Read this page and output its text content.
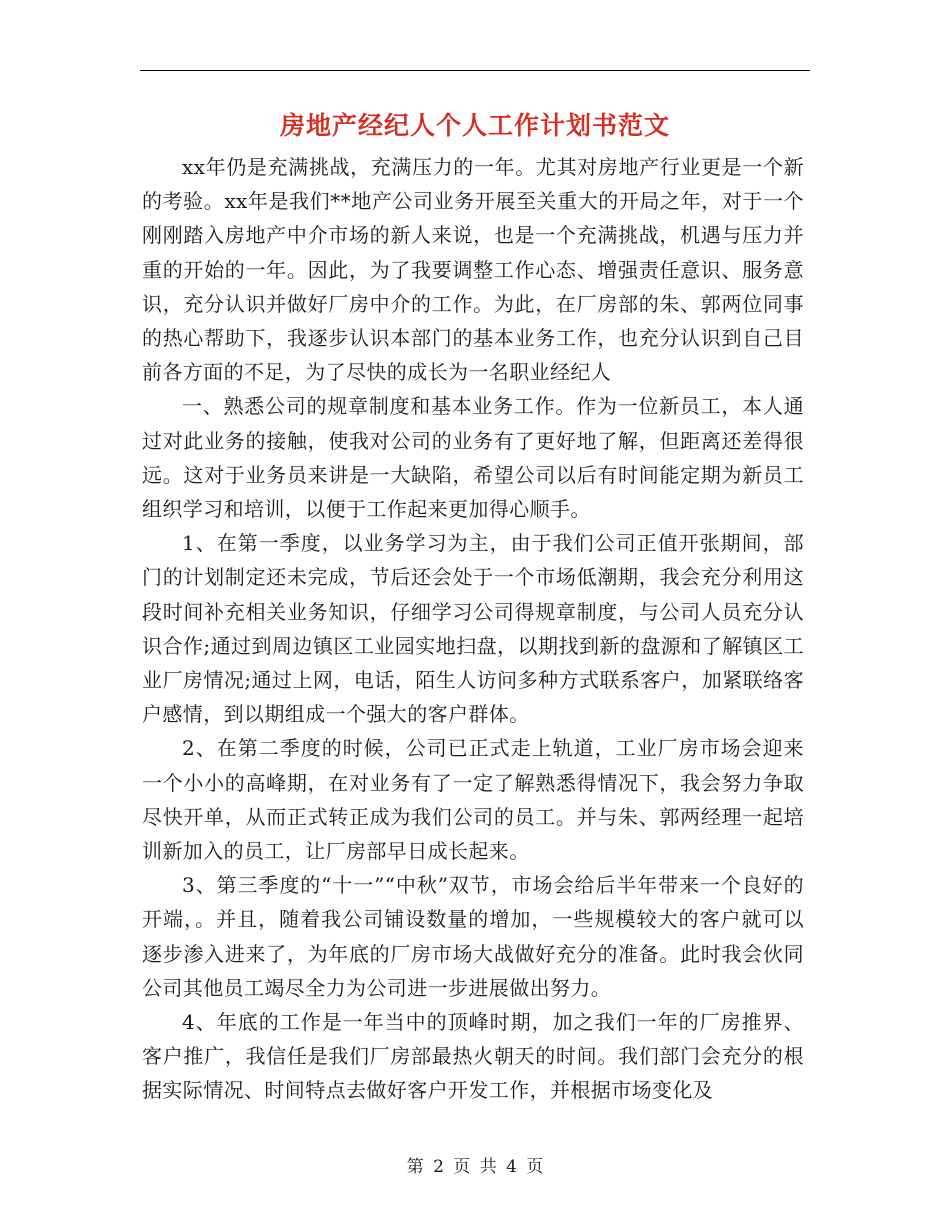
房地产经纪人个人工作计划书范文

xx年仍是充满挑战，充满压力的一年。尤其对房地产行业更是一个新的考验。xx年是我们**地产公司业务开展至关重大的开局之年，对于一个刚刚踏入房地产中介市场的新人来说，也是一个充满挑战，机遇与压力并重的开始的一年。因此，为了我要调整工作心态、增强责任意识、服务意识，充分认识并做好厂房中介的工作。为此，在厂房部的朱、郭两位同事的热心帮助下，我逐步认识本部门的基本业务工作，也充分认识到自己目前各方面的不足，为了尽快的成长为一名职业经纪人

一、熟悉公司的规章制度和基本业务工作。作为一位新员工，本人通过对此业务的接触，使我对公司的业务有了更好地了解，但距离还差得很远。这对于业务员来讲是一大缺陷，希望公司以后有时间能定期为新员工组织学习和培训，以便于工作起来更加得心顺手。

1、在第一季度，以业务学习为主，由于我们公司正值开张期间，部门的计划制定还未完成，节后还会处于一个市场低潮期，我会充分利用这段时间补充相关业务知识，仔细学习公司得规章制度，与公司人员充分认识合作;通过到周边镇区工业园实地扫盘，以期找到新的盘源和了解镇区工业厂房情况;通过上网，电话，陌生人访问多种方式联系客户，加紧联络客户感情，到以期组成一个强大的客户群体。

2、在第二季度的时候，公司已正式走上轨道，工业厂房市场会迎来一个小小的高峰期，在对业务有了一定了解熟悉得情况下，我会努力争取尽快开单，从而正式转正成为我们公司的员工。并与朱、郭两经理一起培训新加入的员工，让厂房部早日成长起来。

3、第三季度的“十一”“中秋”双节，市场会给后半年带来一个良好的开端，。并且，随着我公司铺设数量的增加，一些规模较大的客户就可以逐步渗入进来了，为年底的厂房市场大战做好充分的准备。此时我会伙同公司其他员工竭尽全力为公司进一步进展做出努力。

4、年底的工作是一年当中的顶峰时期，加之我们一年的厂房推界、客户推广，我信任是我们厂房部最热火朝天的时间。我们部门会充分的根据实际情况、时间特点去做好客户开发工作，并根据市场变化及

第 2 页 共 4 页
